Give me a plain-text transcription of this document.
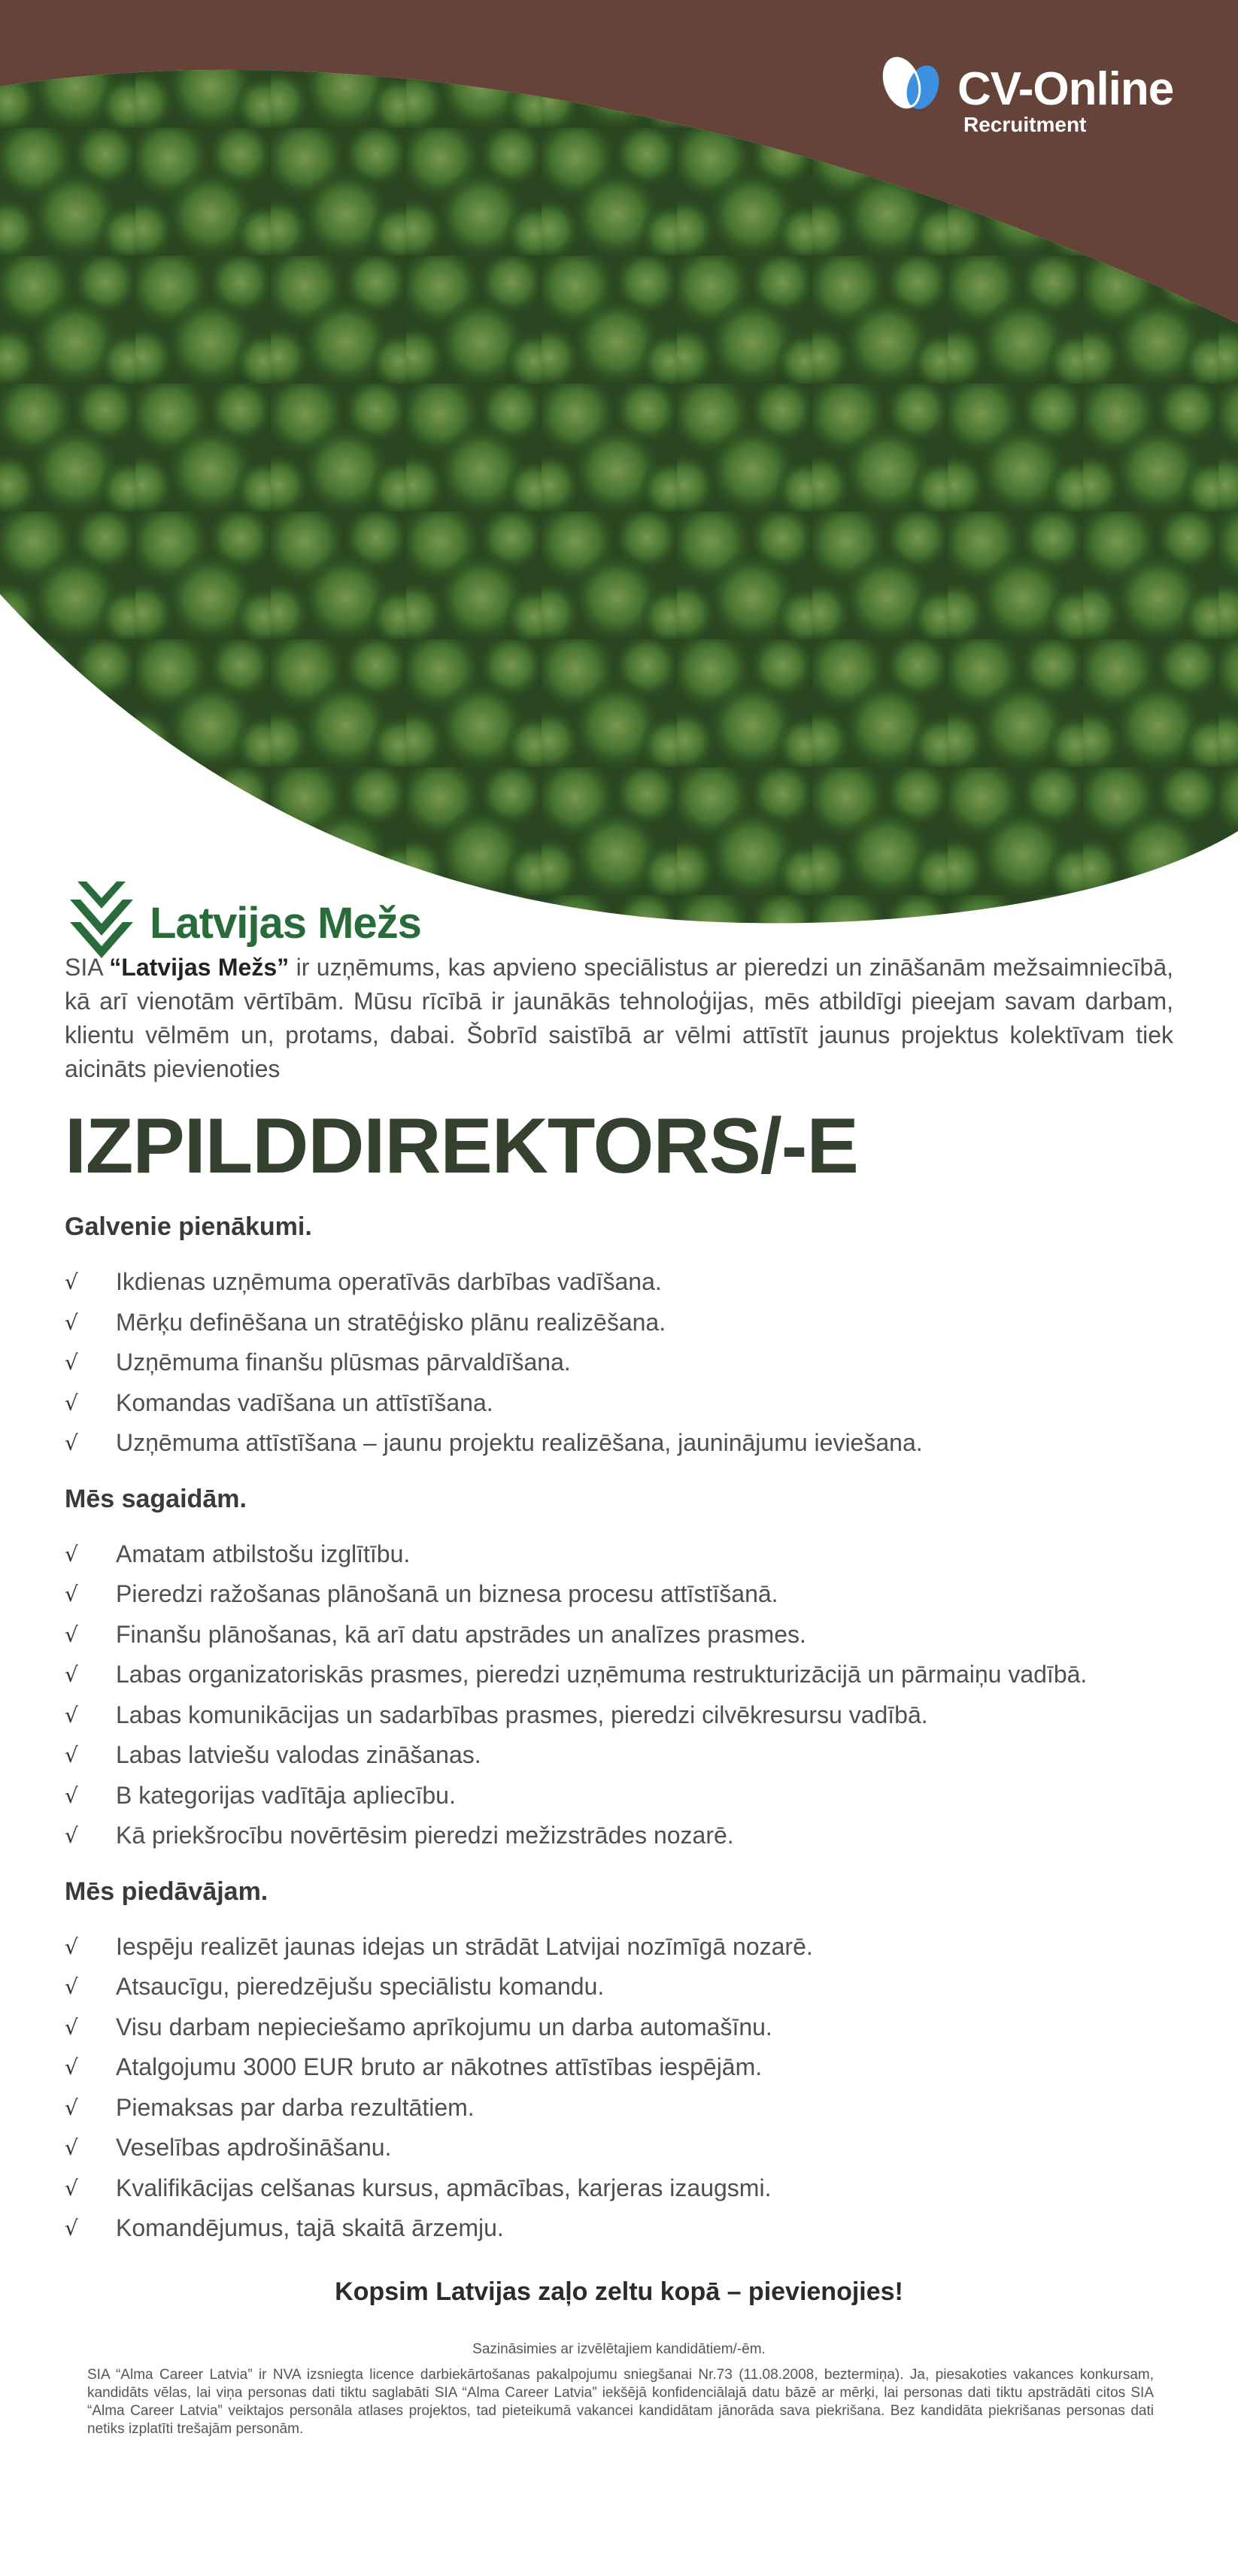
CV-Online
Recruitment
Latvijas Mežs

SIA “Latvijas Mežs” ir uzņēmums, kas apvieno speciālistus ar pieredzi un zināšanām mežsaimniecībā, kā arī vienotām vērtībām. Mūsu rīcībā ir jaunākās tehnoloģijas, mēs atbildīgi pieejam savam darbam, klientu vēlmēm un, protams, dabai. Šobrīd saistībā ar vēlmi attīstīt jaunus projektus kolektīvam tiek aicināts pievienoties

IZPILDDIREKTORS/-E
Galvenie pienākumi.
√ Ikdienas uzņēmuma operatīvās darbības vadīšana.
√ Mērķu definēšana un stratēģisko plānu realizēšana.
√ Uzņēmuma finanšu plūsmas pārvaldīšana.
√ Komandas vadīšana un attīstīšana.
√ Uzņēmuma attīstīšana – jaunu projektu realizēšana, jauninājumu ieviešana.
Mēs sagaidām.
√ Amatam atbilstošu izglītību.
√ Pieredzi ražošanas plānošanā un biznesa procesu attīstīšanā.
√ Finanšu plānošanas, kā arī datu apstrādes un analīzes prasmes.
√ Labas organizatoriskās prasmes, pieredzi uzņēmuma restrukturizācijā un pārmaiņu vadībā.
√ Labas komunikācijas un sadarbības prasmes, pieredzi cilvēkresursu vadībā.
√ Labas latviešu valodas zināšanas.
√ B kategorijas vadītāja apliecību.
√ Kā priekšrocību novērtēsim pieredzi mežizstrādes nozarē.
Mēs piedāvājam.
√ Iespēju realizēt jaunas idejas un strādāt Latvijai nozīmīgā nozarē.
√ Atsaucīgu, pieredzējušu speciālistu komandu.
√ Visu darbam nepieciešamo aprīkojumu un darba automašīnu.
√ Atalgojumu 3000 EUR bruto ar nākotnes attīstības iespējām.
√ Piemaksas par darba rezultātiem.
√ Veselības apdrošināšanu.
√ Kvalifikācijas celšanas kursus, apmācības, karjeras izaugsmi.
√ Komandējumus, tajā skaitā ārzemju.

Kopsim Latvijas zaļo zeltu kopā – pievienojies!

Sazināsimies ar izvēlētajiem kandidātiem/-ēm.

SIA “Alma Career Latvia” ir NVA izsniegta licence darbiekārtošanas pakalpojumu sniegšanai Nr.73 (11.08.2008, beztermiņa). Ja, piesakoties vakances konkursam, kandidāts vēlas, lai viņa personas dati tiktu saglabāti SIA “Alma Career Latvia” iekšējā konfidenciālajā datu bāzē ar mērķi, lai personas dati tiktu apstrādāti citos SIA “Alma Career Latvia” veiktajos personāla atlases projektos, tad pieteikumā vakancei kandidātam jānorāda sava piekrišana. Bez kandidāta piekrišanas personas dati netiks izplatīti trešajām personām.
